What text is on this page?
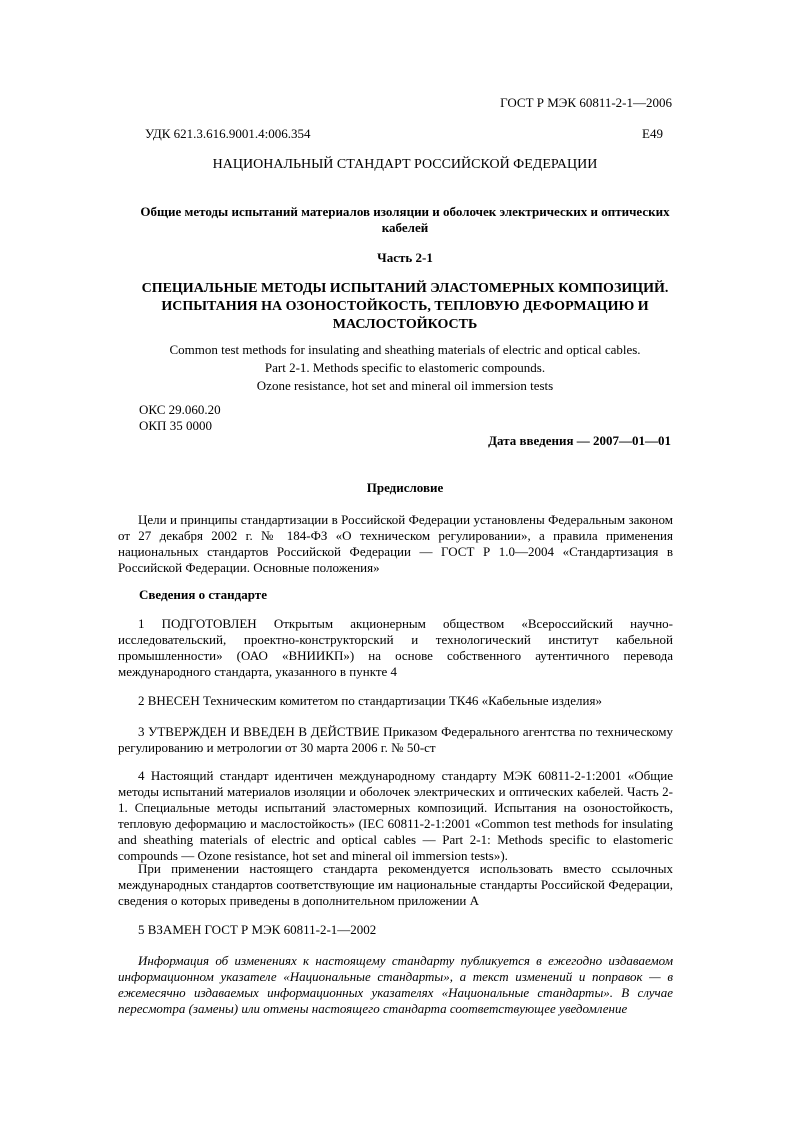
ГОСТ Р МЭК 60811-2-1—2006
УДК 621.3.616.9001.4:006.354	Е49
НАЦИОНАЛЬНЫЙ СТАНДАРТ РОССИЙСКОЙ ФЕДЕРАЦИИ
Общие методы испытаний материалов изоляции и оболочек электрических и оптических кабелей
Часть 2-1
СПЕЦИАЛЬНЫЕ МЕТОДЫ ИСПЫТАНИЙ ЭЛАСТОМЕРНЫХ КОМПОЗИЦИЙ. ИСПЫТАНИЯ НА ОЗОНОСТОЙКОСТЬ, ТЕПЛОВУЮ ДЕФОРМАЦИЮ И МАСЛОСТОЙКОСТЬ
Common test methods for insulating and sheathing materials of electric and optical cables.
Part 2-1. Methods specific to elastomeric compounds.
Ozone resistance, hot set and mineral oil immersion tests
ОКС 29.060.20
ОКП 35 0000
Дата введения — 2007—01—01
Предисловие
Цели и принципы стандартизации в Российской Федерации установлены Федеральным законом от 27 декабря 2002 г. № 184-ФЗ «О техническом регулировании», а правила применения национальных стандартов Российской Федерации — ГОСТ Р 1.0—2004 «Стандартизация в Российской Федерации. Основные положения»
Сведения о стандарте
1 ПОДГОТОВЛЕН Открытым акционерным обществом «Всероссийский научно-исследовательский, проектно-конструкторский и технологический институт кабельной промышленности» (ОАО «ВНИИКП») на основе собственного аутентичного перевода международного стандарта, указанного в пункте 4
2 ВНЕСЕН Техническим комитетом по стандартизации ТК46 «Кабельные изделия»
3 УТВЕРЖДЕН И ВВЕДЕН В ДЕЙСТВИЕ Приказом Федерального агентства по техническому регулированию и метрологии от 30 марта 2006 г. № 50-ст
4 Настоящий стандарт идентичен международному стандарту МЭК 60811-2-1:2001 «Общие методы испытаний материалов изоляции и оболочек электрических и оптических кабелей. Часть 2-1. Специальные методы испытаний эластомерных композиций. Испытания на озоностойкость, тепловую деформацию и маслостойкость» (IEC 60811-2-1:2001 «Common test methods for insulating and sheathing materials of electric and optical cables — Part 2-1: Methods specific to elastomeric compounds — Ozone resistance, hot set and mineral oil immersion tests»).
При применении настоящего стандарта рекомендуется использовать вместо ссылочных международных стандартов соответствующие им национальные стандарты Российской Федерации, сведения о которых приведены в дополнительном приложении А
5 ВЗАМЕН ГОСТ Р МЭК 60811-2-1—2002
Информация об изменениях к настоящему стандарту публикуется в ежегодно издаваемом информационном указателе «Национальные стандарты», а текст изменений и поправок — в ежемесячно издаваемых информационных указателях «Национальные стандарты». В случае пересмотра (замены) или отмены настоящего стандарта соответствующее уведомление
